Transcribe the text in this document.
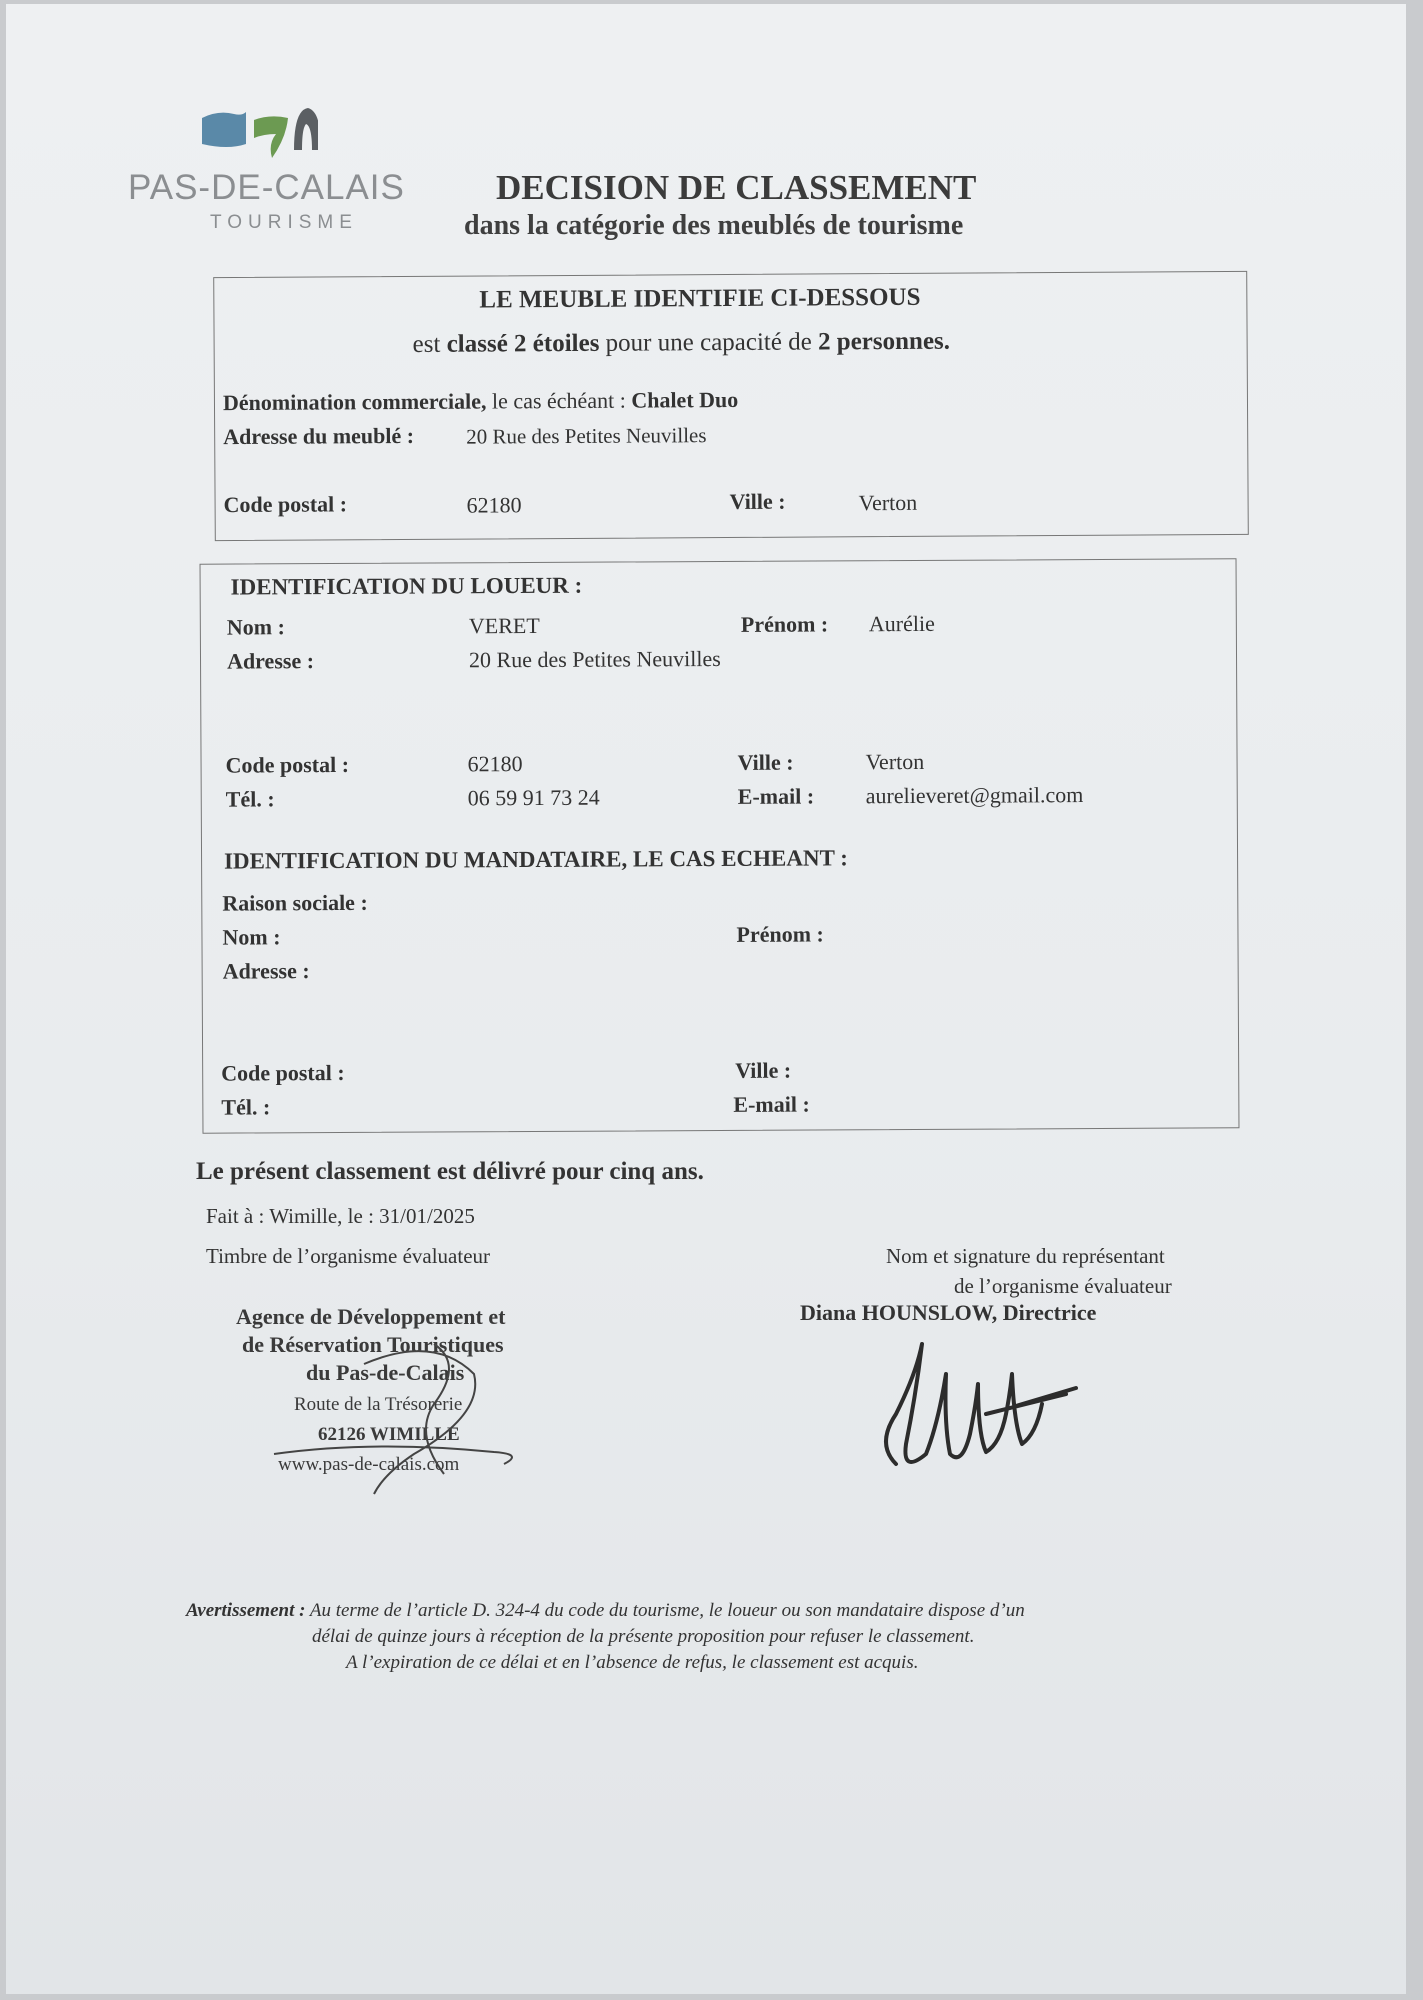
PAS-DE-CALAIS
TOURISME
DECISION DE CLASSEMENT
dans la catégorie des meublés de tourisme
LE MEUBLE IDENTIFIE CI-DESSOUS
est classé 2 étoiles pour une capacité de 2 personnes.
Dénomination commerciale, le cas échéant : Chalet Duo
Adresse du meublé : 20 Rue des Petites Neuvilles
Code postal :	62180	Ville :	Verton
IDENTIFICATION DU LOUEUR :
Nom :	VERET	Prénom : Aurélie
Adresse :	20 Rue des Petites Neuvilles
Code postal :	62180	Ville :	Verton
Tél. :	06 59 91 73 24	E-mail : aurelieveret@gmail.com
IDENTIFICATION DU MANDATAIRE, LE CAS ECHEANT :
Raison sociale :
Nom :	Prénom :
Adresse :
Code postal :	Ville :
Tél. :	E-mail :
Le présent classement est délivré pour cinq ans.
Fait à : Wimille, le : 31/01/2025
Timbre de l’organisme évaluateur	Nom et signature du représentant
de l’organisme évaluateur
Diana HOUNSLOW, Directrice
Agence de Développement et
de Réservation Touristiques
du Pas-de-Calais
Route de la Trésorerie
62126 WIMILLE
www.pas-de-calais.com
Avertissement : Au terme de l’article D. 324-4 du code du tourisme, le loueur ou son mandataire dispose d’un
délai de quinze jours à réception de la présente proposition pour refuser le classement.
A l’expiration de ce délai et en l’absence de refus, le classement est acquis.
